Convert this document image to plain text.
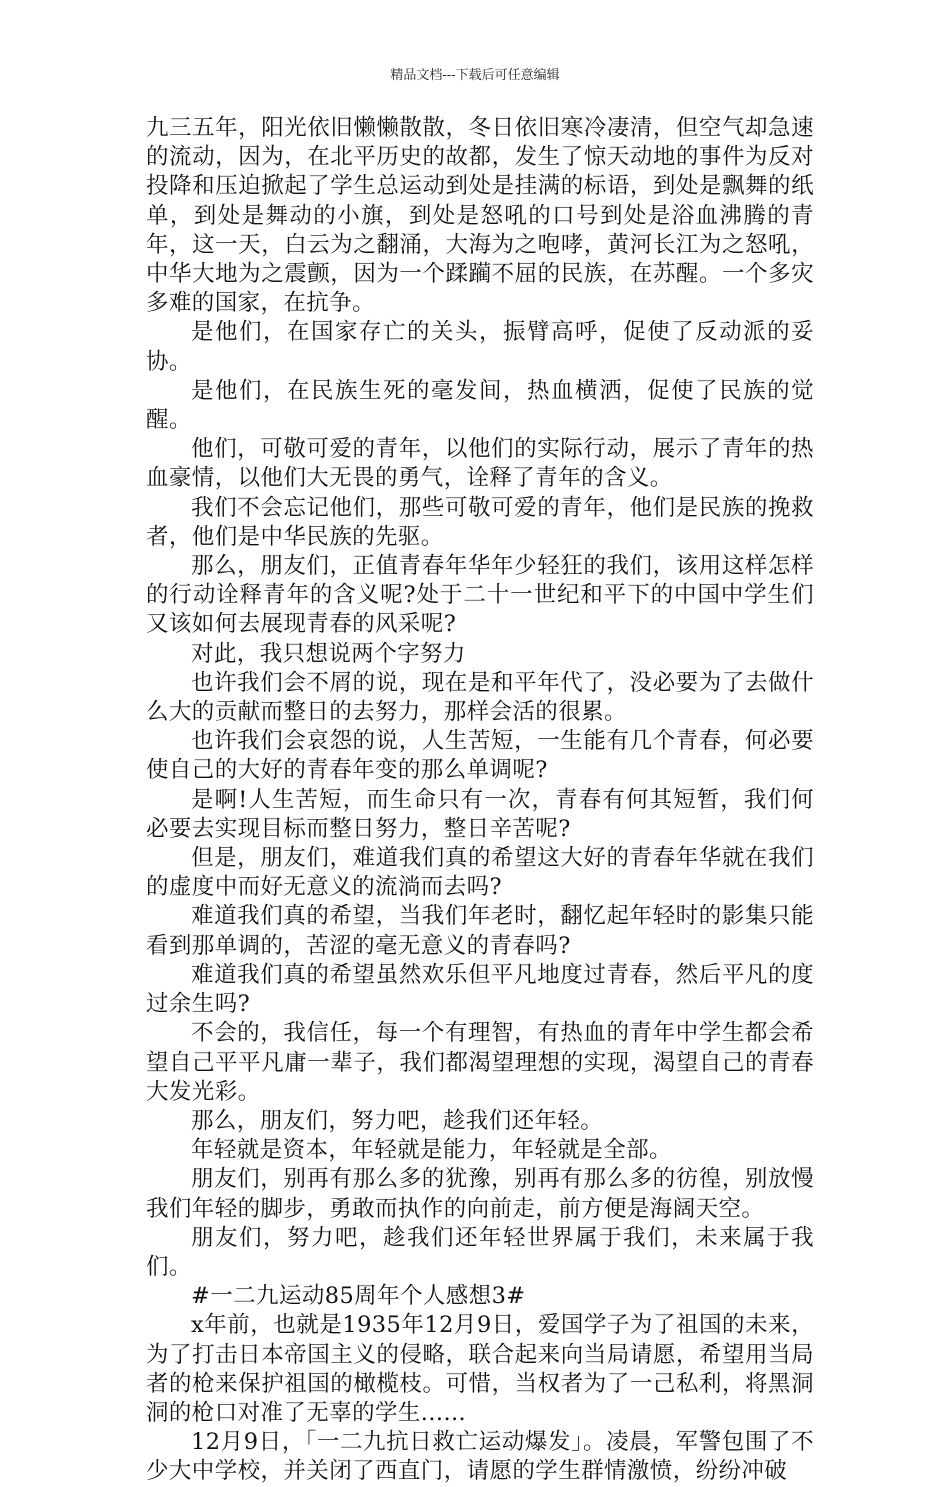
精品文档---下载后可任意编辑

九三五年，阳光依旧懒懒散散，冬日依旧寒冷凄清，但空气却急速的流动，因为，在北平历史的故都，发生了惊天动地的事件为反对投降和压迫掀起了学生总运动到处是挂满的标语，到处是飘舞的纸单，到处是舞动的小旗，到处是怒吼的口号到处是浴血沸腾的青年，这一天，白云为之翻涌，大海为之咆哮，黄河长江为之怒吼，中华大地为之震颤，因为一个蹂躏不屈的民族，在苏醒。一个多灾多难的国家，在抗争。

是他们，在国家存亡的关头，振臂高呼，促使了反动派的妥协。

是他们，在民族生死的毫发间，热血横洒，促使了民族的觉醒。

他们，可敬可爱的青年，以他们的实际行动，展示了青年的热血豪情，以他们大无畏的勇气，诠释了青年的含义。

我们不会忘记他们，那些可敬可爱的青年，他们是民族的挽救者，他们是中华民族的先驱。

那么，朋友们，正值青春年华年少轻狂的我们，该用这样怎样的行动诠释青年的含义呢?处于二十一世纪和平下的中国中学生们又该如何去展现青春的风采呢?

对此，我只想说两个字努力

也许我们会不屑的说，现在是和平年代了，没必要为了去做什么大的贡献而整日的去努力，那样会活的很累。

也许我们会哀怨的说，人生苦短，一生能有几个青春，何必要使自己的大好的青春年变的那么单调呢?

是啊!人生苦短，而生命只有一次，青春有何其短暂，我们何必要去实现目标而整日努力，整日辛苦呢?

但是，朋友们，难道我们真的希望这大好的青春年华就在我们的虚度中而好无意义的流淌而去吗?

难道我们真的希望，当我们年老时，翻忆起年轻时的影集只能看到那单调的，苦涩的毫无意义的青春吗?

难道我们真的希望虽然欢乐但平凡地度过青春，然后平凡的度过余生吗?

不会的，我信任，每一个有理智，有热血的青年中学生都会希望自己平平凡庸一辈子，我们都渴望理想的实现，渴望自己的青春大发光彩。

那么，朋友们，努力吧，趁我们还年轻。

年轻就是资本，年轻就是能力，年轻就是全部。

朋友们，别再有那么多的犹豫，别再有那么多的彷徨，别放慢我们年轻的脚步，勇敢而执作的向前走，前方便是海阔天空。

朋友们，努力吧，趁我们还年轻世界属于我们，未来属于我们。

#一二九运动85周年个人感想3#

x年前，也就是1935年12月9日，爱国学子为了祖国的未来，为了打击日本帝国主义的侵略，联合起来向当局请愿，希望用当局者的枪来保护祖国的橄榄枝。可惜，当权者为了一己私利，将黑洞洞的枪口对准了无辜的学生......

12月9日，「一二九抗日救亡运动爆发」。凌晨，军警包围了不少大中学校，并关闭了西直门，请愿的学生群情激愤，纷纷冲破
